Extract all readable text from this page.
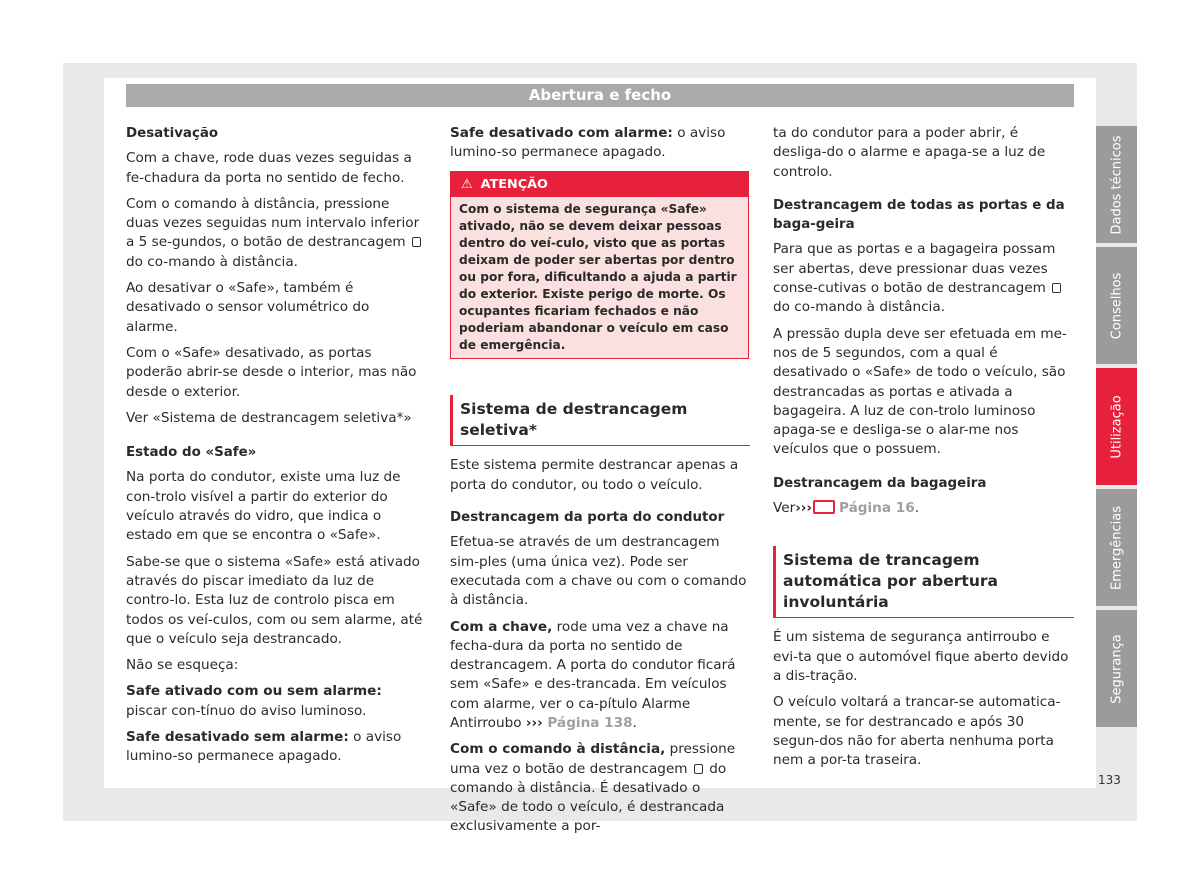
Abertura e fecho
Desativação

Com a chave, rode duas vezes seguidas a fe-chadura da porta no sentido de fecho.

Com o comando à distância, pressione duas vezes seguidas num intervalo inferior a 5 se-gundos, o botão de destrancagem  do co-mando à distância.

Ao desativar o «Safe», também é desativado o sensor volumétrico do alarme.

Com o «Safe» desativado, as portas poderão abrir-se desde o interior, mas não desde o exterior.

Ver «Sistema de destrancagem seletiva*»

Estado do «Safe»

Na porta do condutor, existe uma luz de con-trolo visível a partir do exterior do veículo através do vidro, que indica o estado em que se encontra o «Safe».

Sabe-se que o sistema «Safe» está ativado através do piscar imediato da luz de contro-lo. Esta luz de controlo pisca em todos os veí-culos, com ou sem alarme, até que o veículo seja destrancado.

Não se esqueça:

Safe ativado com ou sem alarme: piscar con-tínuo do aviso luminoso.

Safe desativado sem alarme: o aviso lumino-so permanece apagado.

Safe desativado com alarme: o aviso lumino-so permanece apagado.

⚠ ATENÇÃO
Com o sistema de segurança «Safe» ativado, não se devem deixar pessoas dentro do veí-culo, visto que as portas deixam de poder ser abertas por dentro ou por fora, dificultando a ajuda a partir do exterior. Existe perigo de morte. Os ocupantes ficariam fechados e não poderiam abandonar o veículo em caso de emergência.
Sistema de destrancagem seletiva*

Este sistema permite destrancar apenas a porta do condutor, ou todo o veículo.

Destrancagem da porta do condutor

Efetua-se através de um destrancagem sim-ples (uma única vez). Pode ser executada com a chave ou com o comando à distância.

Com a chave, rode uma vez a chave na fecha-dura da porta no sentido de destrancagem. A porta do condutor ficará sem «Safe» e des-trancada. Em veículos com alarme, ver o ca-pítulo Alarme Antirroubo ››› Página 138.

Com o comando à distância, pressione uma vez o botão de destrancagem do comando à distância. É desativado o «Safe» de todo o veículo, é destrancada exclusivamente a por-

ta do condutor para a poder abrir, é desliga-do o alarme e apaga-se a luz de controlo.

Destrancagem de todas as portas e da baga-geira

Para que as portas e a bagageira possam ser abertas, deve pressionar duas vezes conse-cutivas o botão de destrancagem  do co-mando à distância.

A pressão dupla deve ser efetuada em me-nos de 5 segundos, com a qual é desativado o «Safe» de todo o veículo, são destrancadas as portas e ativada a bagageira. A luz de con-trolo luminoso apaga-se e desliga-se o alar-me nos veículos que o possuem.

Destrancagem da bagageira

Ver››› Página 16.

Sistema de trancagem automática por abertura involuntária

É um sistema de segurança antirroubo e evi-ta que o automóvel fique aberto devido a dis-tração.

O veículo voltará a trancar-se automatica-mente, se for destrancado e após 30 segun-dos não for aberta nenhuma porta nem a por-ta traseira.

Dados técnicos
Conselhos
Utilização
Emergências
Segurança
133
